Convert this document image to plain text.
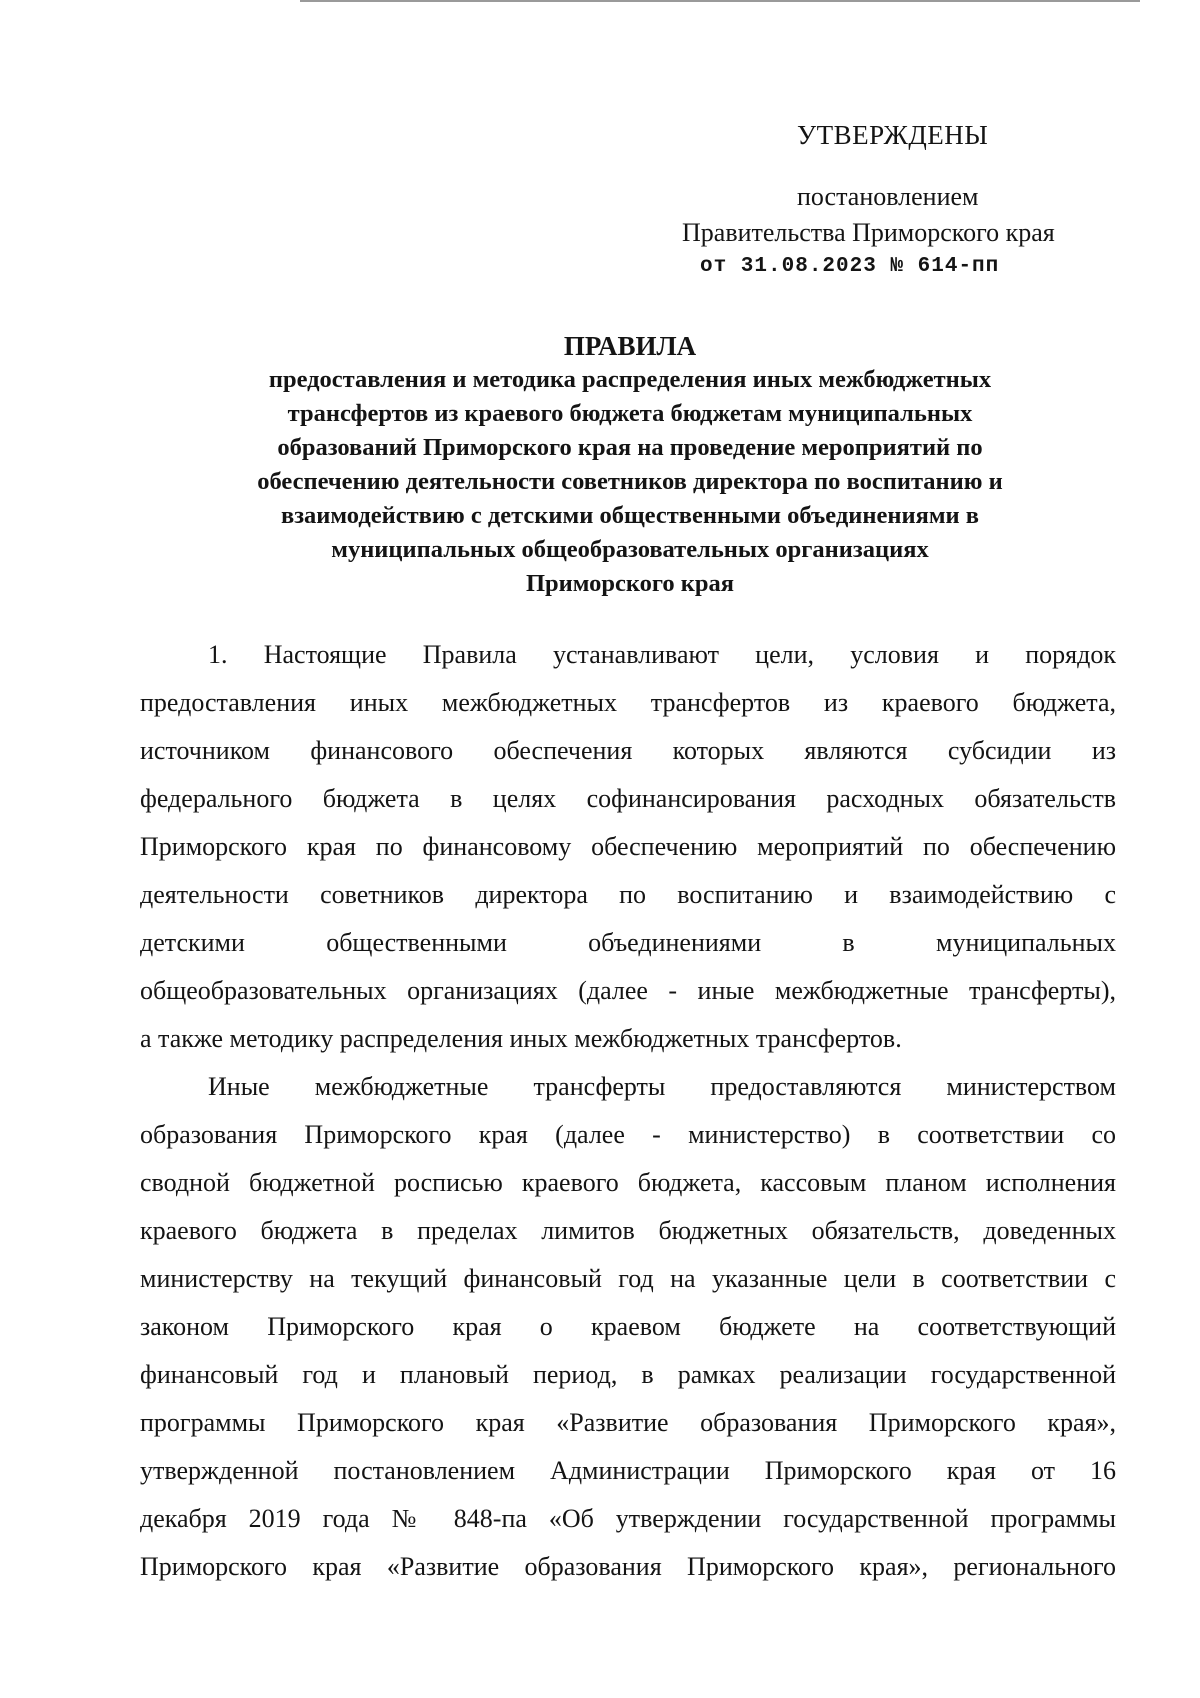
УТВЕРЖДЕНЫ
постановлением
Правительства Приморского края
от 31.08.2023 № 614-пп
ПРАВИЛА
предоставления и методика распределения иных межбюджетных
трансфертов из краевого бюджета бюджетам муниципальных
образований Приморского края на проведение мероприятий по
обеспечению деятельности советников директора по воспитанию и
взаимодействию с детскими общественными объединениями в
муниципальных общеобразовательных организациях
Приморского края
1. Настоящие Правила устанавливают цели, условия и порядок
предоставления иных межбюджетных трансфертов из краевого бюджета,
источником финансового обеспечения которых являются субсидии из
федерального бюджета в целях софинансирования расходных обязательств
Приморского края по финансовому обеспечению мероприятий по обеспечению
деятельности советников директора по воспитанию и взаимодействию с
детскими общественными объединениями в муниципальных
общеобразовательных организациях (далее - иные межбюджетные трансферты),
а также методику распределения иных межбюджетных трансфертов.
Иные межбюджетные трансферты предоставляются министерством
образования Приморского края (далее - министерство) в соответствии со
сводной бюджетной росписью краевого бюджета, кассовым планом исполнения
краевого бюджета в пределах лимитов бюджетных обязательств, доведенных
министерству на текущий финансовый год на указанные цели в соответствии с
законом Приморского края о краевом бюджете на соответствующий
финансовый год и плановый период, в рамках реализации государственной
программы Приморского края «Развитие образования Приморского края»,
утвержденной постановлением Администрации Приморского края от 16
декабря 2019 года № 848-па «Об утверждении государственной программы
Приморского края «Развитие образования Приморского края», регионального
